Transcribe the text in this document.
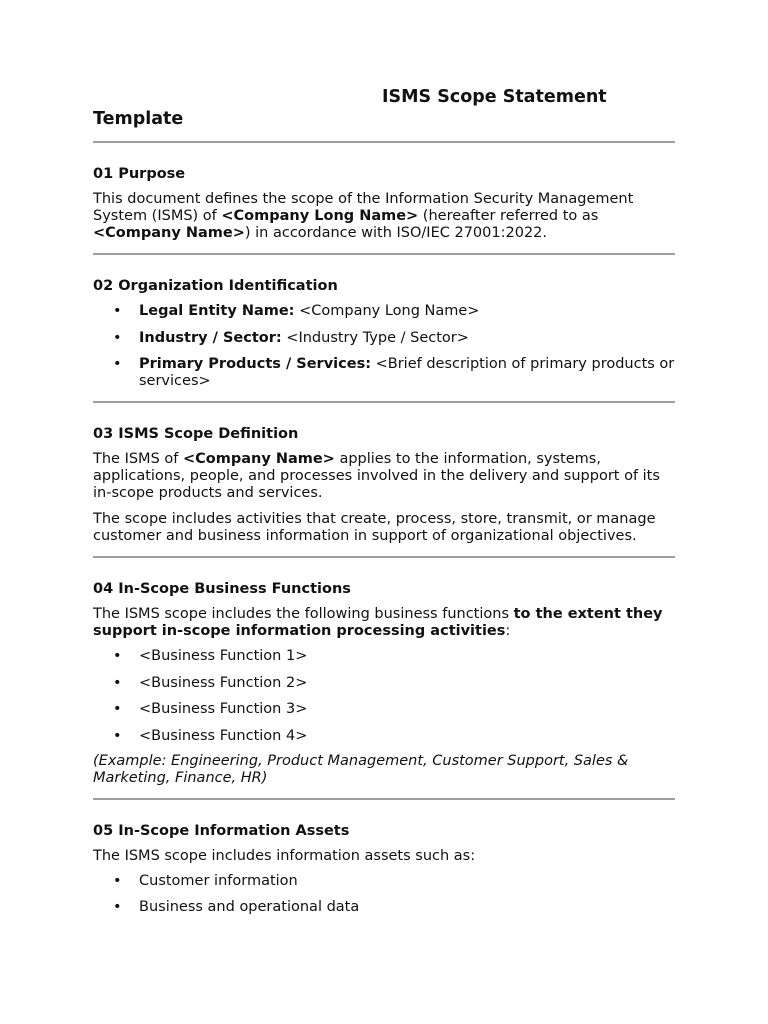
ISMS Scope Statement Template
01 Purpose

This document defines the scope of the Information Security Management System (ISMS) of <Company Long Name> (hereafter referred to as <Company Name>) in accordance with ISO/IEC 27001:2022.

02 Organization Identification
• Legal Entity Name: <Company Long Name>
• Industry / Sector: <Industry Type / Sector>
• Primary Products / Services: <Brief description of primary products or services>
03 ISMS Scope Definition

The ISMS of <Company Name> applies to the information, systems, applications, people, and processes involved in the delivery and support of its in-scope products and services.

The scope includes activities that create, process, store, transmit, or manage customer and business information in support of organizational objectives.

04 In-Scope Business Functions

The ISMS scope includes the following business functions to the extent they support in-scope information processing activities:

• <Business Function 1>
• <Business Function 2>
• <Business Function 3>
• <Business Function 4>

(Example: Engineering, Product Management, Customer Support, Sales & Marketing, Finance, HR)

05 In-Scope Information Assets

The ISMS scope includes information assets such as:

• Customer information
• Business and operational data
